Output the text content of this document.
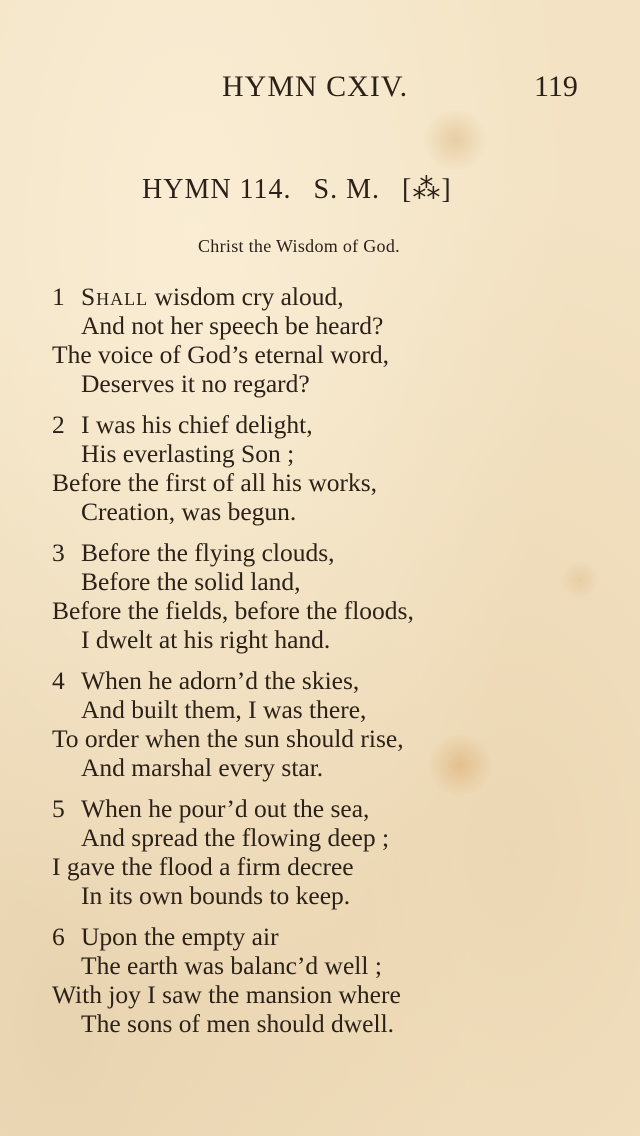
HYMN CXIV.	119
HYMN 114. S. M. [⁂]
Christ the Wisdom of God.
1 Shall wisdom cry aloud,
And not her speech be heard?
The voice of God’s eternal word,
Deserves it no regard?
2 I was his chief delight,
His everlasting Son ;
Before the first of all his works,
Creation, was begun.
3 Before the flying clouds,
Before the solid land,
Before the fields, before the floods,
I dwelt at his right hand.
4 When he adorn’d the skies,
And built them, I was there,
To order when the sun should rise,
And marshal every star.
5 When he pour’d out the sea,
And spread the flowing deep ;
I gave the flood a firm decree
In its own bounds to keep.
6 Upon the empty air
The earth was balanc’d well ;
With joy I saw the mansion where
The sons of men should dwell.
